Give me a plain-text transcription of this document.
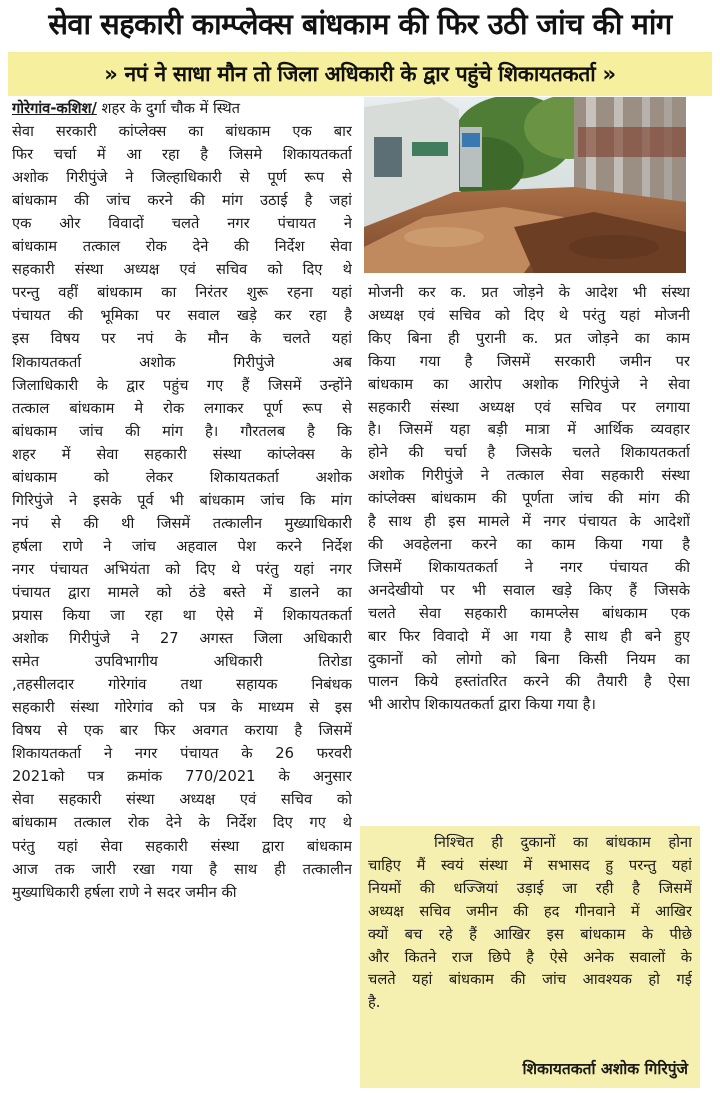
सेवा सहकारी काम्प्लेक्स बांधकाम की फिर उठी जांच की मांग
» नपं ने साधा मौन तो जिला अधिकारी के द्वार पहुंचे शिकायतकर्ता »
गोरेगांव-कशिश/ शहर के दुर्गा चौक में स्थित
सेवा सरकारी कांप्लेक्स का बांधकाम एक बार
फिर चर्चा में आ रहा है जिसमे शिकायतकर्ता
अशोक गिरीपुंजे ने जिल्हाधिकारी से पूर्ण रूप से
बांधकाम की जांच करने की मांग उठाई है जहां
एक ओर विवादों चलते नगर पंचायत ने
बांधकाम तत्काल रोक देने की निर्देश सेवा
सहकारी संस्था अध्यक्ष एवं सचिव को दिए थे
परन्तु वहीं बांधकाम का निरंतर शुरू रहना यहां
पंचायत की भूमिका पर सवाल खड़े कर रहा है
इस विषय पर नपं के मौन के चलते यहां
शिकायतकर्ता अशोक गिरीपुंजे अब
जिलाधिकारी के द्वार पहुंच गए हैं जिसमें उन्होंने
तत्काल बांधकाम मे रोक लगाकर पूर्ण रूप से
बांधकाम जांच की मांग है। गौरतलब है कि
शहर में सेवा सहकारी संस्था कांप्लेक्स के
बांधकाम को लेकर शिकायतकर्ता अशोक
गिरिपुंजे ने इसके पूर्व भी बांधकाम जांच कि मांग
नपं से की थी जिसमें तत्कालीन मुख्याधिकारी
हर्षला राणे ने जांच अहवाल पेश करने निर्देश
नगर पंचायत अभियंता को दिए थे परंतु यहां नगर
पंचायत द्वारा मामले को ठंडे बस्ते में डालने का
प्रयास किया जा रहा था ऐसे में शिकायतकर्ता
अशोक गिरीपुंजे ने 27 अगस्त जिला अधिकारी
समेत उपविभागीय अधिकारी तिरोडा
,तहसीलदार गोरेगांव तथा सहायक निबंधक
सहकारी संस्था गोरेगांव को पत्र के माध्यम से इस
विषय से एक बार फिर अवगत कराया है जिसमें
शिकायतकर्ता ने नगर पंचायत के 26 फरवरी
2021को पत्र क्रमांक 770/2021 के अनुसार
सेवा सहकारी संस्था अध्यक्ष एवं सचिव को
बांधकाम तत्काल रोक देने के निर्देश दिए गए थे
परंतु यहां सेवा सहकारी संस्था द्वारा बांधकाम
आज तक जारी रखा गया है साथ ही तत्कालीन
मुख्याधिकारी हर्षला राणे ने सदर जमीन की
मोजनी कर क. प्रत जोड़ने के आदेश भी संस्था
अध्यक्ष एवं सचिव को दिए थे परंतु यहां मोजनी
किए बिना ही पुरानी क. प्रत जोड़ने का काम
किया गया है जिसमें सरकारी जमीन पर
बांधकाम का आरोप अशोक गिरिपुंजे ने सेवा
सहकारी संस्था अध्यक्ष एवं सचिव पर लगाया
है। जिसमें यहा बड़ी मात्रा में आर्थिक व्यवहार
होने की चर्चा है जिसके चलते शिकायतकर्ता
अशोक गिरीपुंजे ने तत्काल सेवा सहकारी संस्था
कांप्लेक्स बांधकाम की पूर्णता जांच की मांग की
है साथ ही इस मामले में नगर पंचायत के आदेशों
की अवहेलना करने का काम किया गया है
जिसमें शिकायतकर्ता ने नगर पंचायत की
अनदेखीयो पर भी सवाल खड़े किए हैं जिसके
चलते सेवा सहकारी कामप्लेस बांधकाम एक
बार फिर विवादो में आ गया है साथ ही बने हुए
दुकानों को लोगो को बिना किसी नियम का
पालन किये हस्तांतरित करने की तैयारी है ऐसा
भी आरोप शिकायतकर्ता द्वारा किया गया है।
निश्चित ही दुकानों का बांधकाम होना
चाहिए मैं स्वयं संस्था में सभासद हु परन्तु यहां
नियमों की धज्जियां उड़ाई जा रही है जिसमें
अध्यक्ष सचिव जमीन की हद गीनवाने में आखिर
क्यों बच रहे हैं आखिर इस बांधकाम के पीछे
और कितने राज छिपे है ऐसे अनेक सवालों के
चलते यहां बांधकाम की जांच आवश्यक हो गई
है.
शिकायतकर्ता अशोक गिरिपुंजे
